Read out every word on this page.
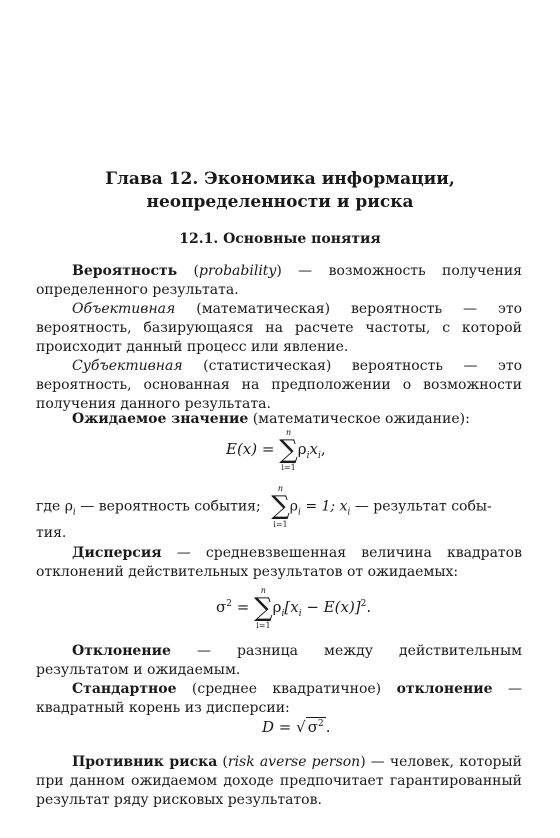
Глава 12. Экономика информации,
неопределенности и риска
12.1. Основные понятия
Вероятность (probability) — возможность получения определенного результата.
Объективная (математическая) вероятность — это вероятность, базирующаяся на расчете частоты, с которой происходит данный процесс или явление.
Субъективная (статистическая) вероятность — это вероятность, основанная на предположении о возможности получения данного результата.
Ожидаемое значение (математическое ожидание):
E(x) =
n
∑
i=1
$\rho_ix_i$,
где $\rho_i$ — вероятность события;
n
∑
i=1
$\rho_i = 1$; $x_i$ — результат собы-
тия.
Дисперсия — средневзвешенная величина квадратов отклонений действительных результатов от ожидаемых:
$\sigma^2$ =
n
∑
i=1
$\rho_i[x_i - E(x)]^2$.
Отклонение — разница между действительным результатом и ожидаемым.
Стандартное (среднее квадратичное) отклонение — квадратный корень из дисперсии:
D = √ $\sigma^2$ .
Противник риска (risk averse person) — человек, который при данном ожидаемом доходе предпочитает гарантированный результат ряду рисковых результатов.
